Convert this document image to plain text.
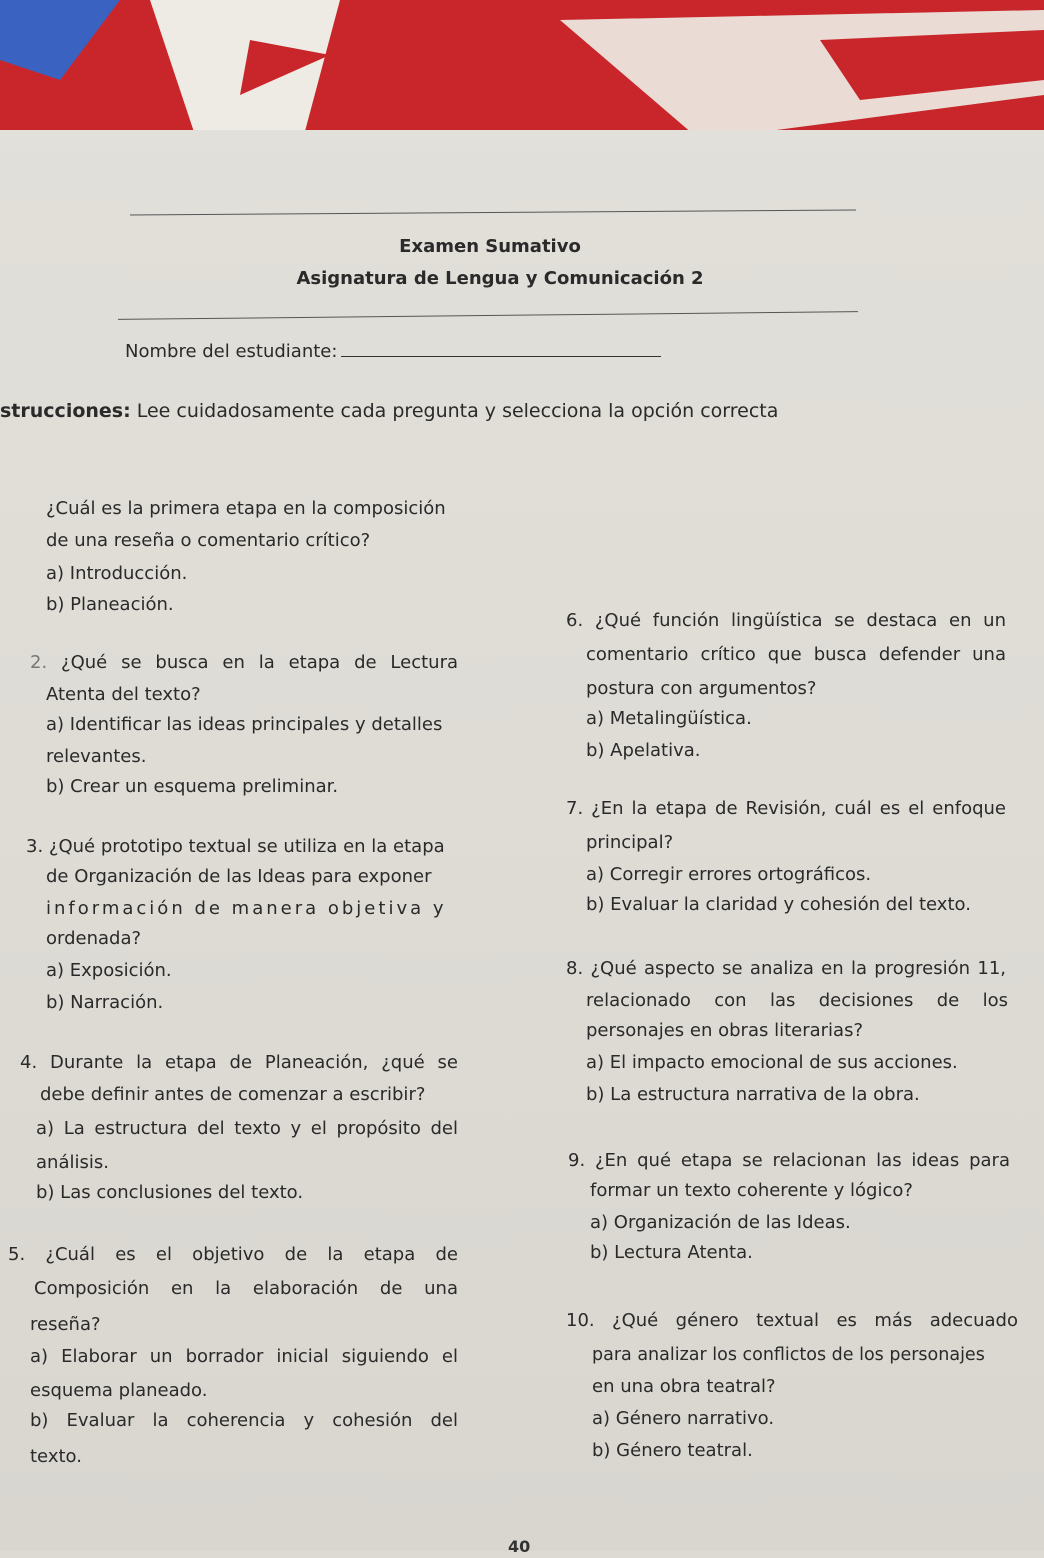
Examen Sumativo
Asignatura de Lengua y Comunicación 2
Nombre del estudiante:
strucciones: Lee cuidadosamente cada pregunta y selecciona la opción correcta
¿Cuál es la primera etapa en la composición
de una reseña o comentario crítico?
a) Introducción.
b) Planeación.
2. ¿Qué se busca en la etapa de Lectura
Atenta del texto?
a) Identificar las ideas principales y detalles
relevantes.
b) Crear un esquema preliminar.
3. ¿Qué prototipo textual se utiliza en la etapa
de Organización de las Ideas para exponer
información de manera objetiva y
ordenada?
a) Exposición.
b) Narración.
4. Durante la etapa de Planeación, ¿qué se
debe definir antes de comenzar a escribir?
a) La estructura del texto y el propósito del
análisis.
b) Las conclusiones del texto.
5. ¿Cuál es el objetivo de la etapa de
Composición en la elaboración de una
reseña?
a) Elaborar un borrador inicial siguiendo el
esquema planeado.
b) Evaluar la coherencia y cohesión del
texto.
6. ¿Qué función lingüística se destaca en un
comentario crítico que busca defender una
postura con argumentos?
a) Metalingüística.
b) Apelativa.
7. ¿En la etapa de Revisión, cuál es el enfoque
principal?
a) Corregir errores ortográficos.
b) Evaluar la claridad y cohesión del texto.
8. ¿Qué aspecto se analiza en la progresión 11,
relacionado con las decisiones de los
personajes en obras literarias?
a) El impacto emocional de sus acciones.
b) La estructura narrativa de la obra.
9. ¿En qué etapa se relacionan las ideas para
formar un texto coherente y lógico?
a) Organización de las Ideas.
b) Lectura Atenta.
10. ¿Qué género textual es más adecuado
para analizar los conflictos de los personajes
en una obra teatral?
a) Género narrativo.
b) Género teatral.
40
